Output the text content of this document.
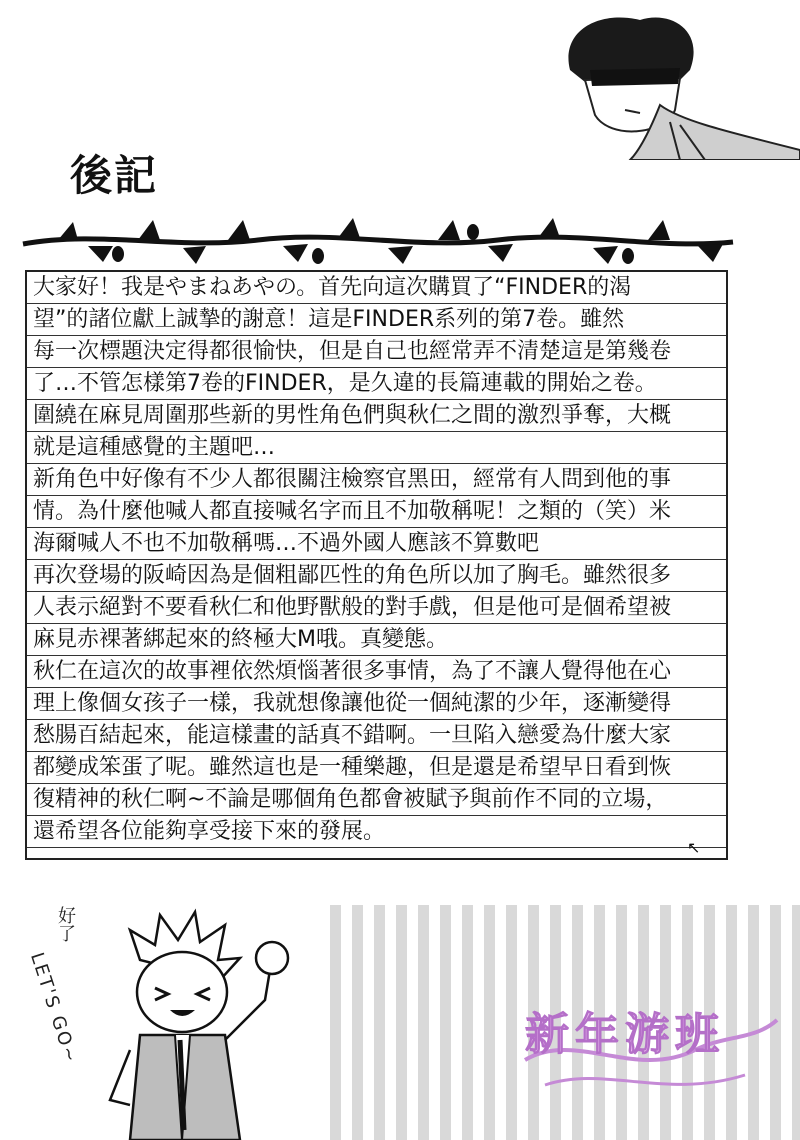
後記
大家好！我是やまねあやの。首先向這次購買了“FINDER的渴
望”的諸位獻上誠摯的謝意！這是FINDER系列的第7卷。雖然
每一次標題決定得都很愉快，但是自己也經常弄不清楚這是第幾卷
了…不管怎樣第7卷的FINDER，是久違的長篇連載的開始之卷。
圍繞在麻見周圍那些新的男性角色們與秋仁之間的激烈爭奪，大概
就是這種感覺的主題吧…
新角色中好像有不少人都很關注檢察官黑田，經常有人問到他的事
情。為什麼他喊人都直接喊名字而且不加敬稱呢！之類的（笑）米
海爾喊人不也不加敬稱嗎…不過外國人應該不算數吧
再次登場的阪崎因為是個粗鄙匹性的角色所以加了胸毛。雖然很多
人表示絕對不要看秋仁和他野獸般的對手戲，但是他可是個希望被
麻見赤裸著綁起來的終極大M哦。真變態。
秋仁在這次的故事裡依然煩惱著很多事情，為了不讓人覺得他在心
理上像個女孩子一樣，我就想像讓他從一個純潔的少年，逐漸變得
愁腸百結起來，能這樣畫的話真不錯啊。一旦陷入戀愛為什麼大家
都變成笨蛋了呢。雖然這也是一種樂趣，但是還是希望早日看到恢
復精神的秋仁啊~不論是哪個角色都會被賦予與前作不同的立場，
還希望各位能夠享受接下來的發展。
↖
好了
LET'S GO~	新年游班
